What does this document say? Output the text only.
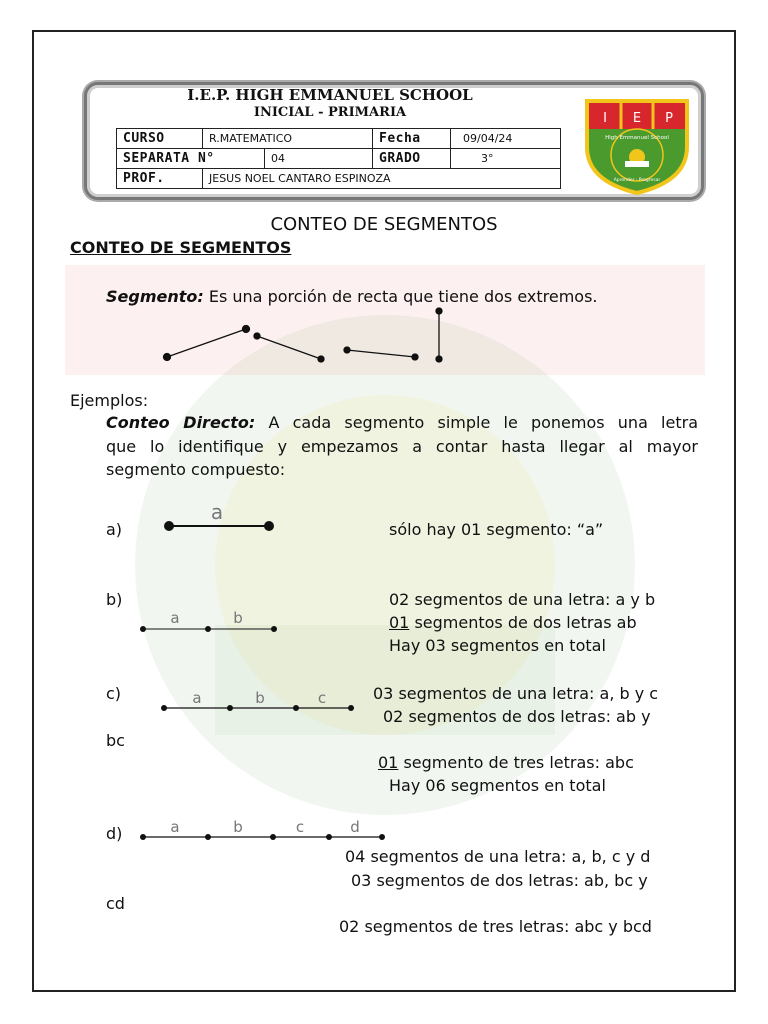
I.E.P. HIGH EMMANUEL SCHOOL
INICIAL - PRIMARIA
CURSO	R.MATEMATICO		Fecha	09/04/24
SEPARATA N°		04	GRADO	3°
PROF.	JESUS NOEL CANTARO ESPINOZA			
I E P
High Emmanuel School
Aprender · Progresar
CONTEO DE SEGMENTOS
CONTEO DE SEGMENTOS
Segmento: Es una porción de recta que tiene dos extremos.
Ejemplos:
Conteo Directo: A cada segmento simple le ponemos una letra
que lo identifique y empezamos a contar hasta llegar al mayor
segmento compuesto:
a)	sólo hay 01 segmento: “a”
b)	02 segmentos de una letra: a y b
01 segmentos de dos letras ab
Hay 03 segmentos en total
c)	03 segmentos de una letra: a, b y c
02 segmentos de dos letras: ab y
bc
01 segmento de tres letras: abc
Hay 06 segmentos en total
d)
04 segmentos de una letra: a, b, c y d
03 segmentos de dos letras: ab, bc y
cd
02 segmentos de tres letras: abc y bcd
a
a	b
a	b	c
a	b	c	d
